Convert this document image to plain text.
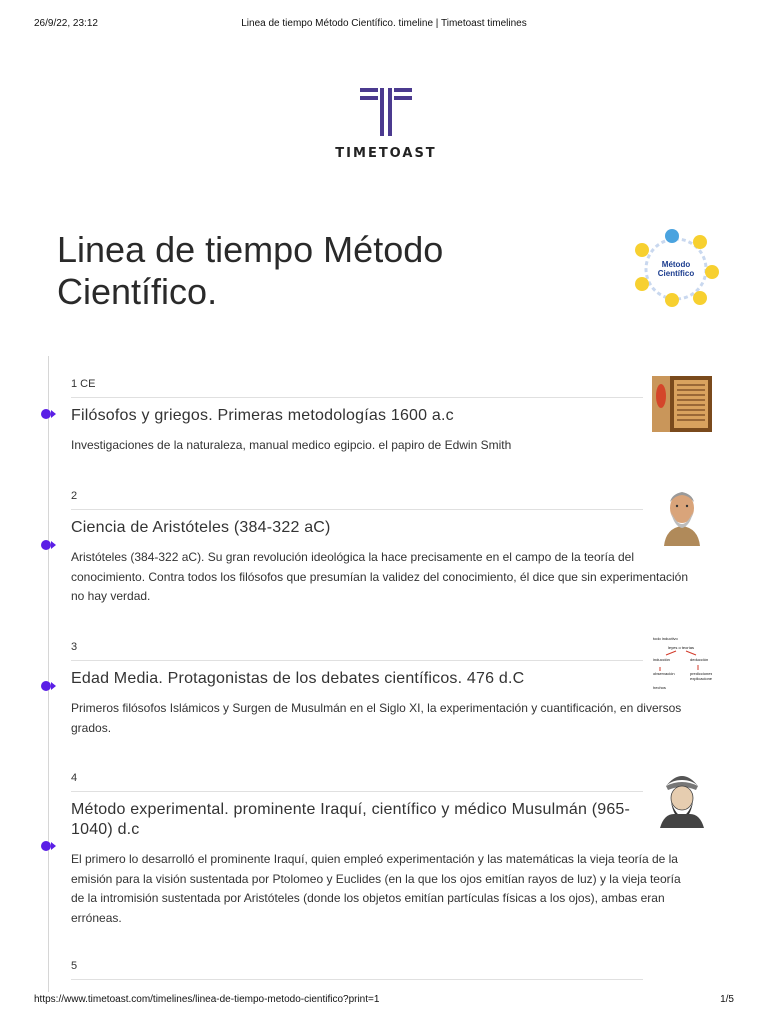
26/9/22, 23:12	Linea de tiempo Método Científico. timeline | Timetoast timelines
TIMETOAST
Linea de tiempo Método Científico.
Método
Científico

1 CE

Filósofos y griegos. Primeras metodologías 1600 a.c

Investigaciones de la naturaleza, manual medico egipcio. el papiro de Edwin Smith

2

Ciencia de Aristóteles (384-322 aC)

Aristóteles (384-322 aC). Su gran revolución ideológica la hace precisamente en el campo de la teoría del conocimiento. Contra todos los filósofos que presumían la validez del conocimiento, él dice que sin experimentación no hay verdad.

3

Edad Media. Protagonistas de los debates científicos. 476 d.C

Primeros filósofos Islámicos y Surgen de Musulmán en el Siglo XI, la experimentación y cuantificación, en diversos grados.

todo inductivo
leyes o teorías
inducción	deducción
observación	predicciones
explicaciones
hechos

4

Método experimental. prominente Iraquí, científico y médico Musulmán (965-1040) d.c

El primero lo desarrolló el prominente Iraquí, quien empleó experimentación y las matemáticas la vieja teoría de la emisión para la visión sustentada por Ptolomeo y Euclides (en la que los ojos emitían rayos de luz) y la vieja teoría de la intromisión sustentada por Aristóteles (donde los objetos emitían partículas físicas a los ojos), ambas eran erróneas.

5

https://www.timetoast.com/timelines/linea-de-tiempo-metodo-cientifico?print=1	1/5
